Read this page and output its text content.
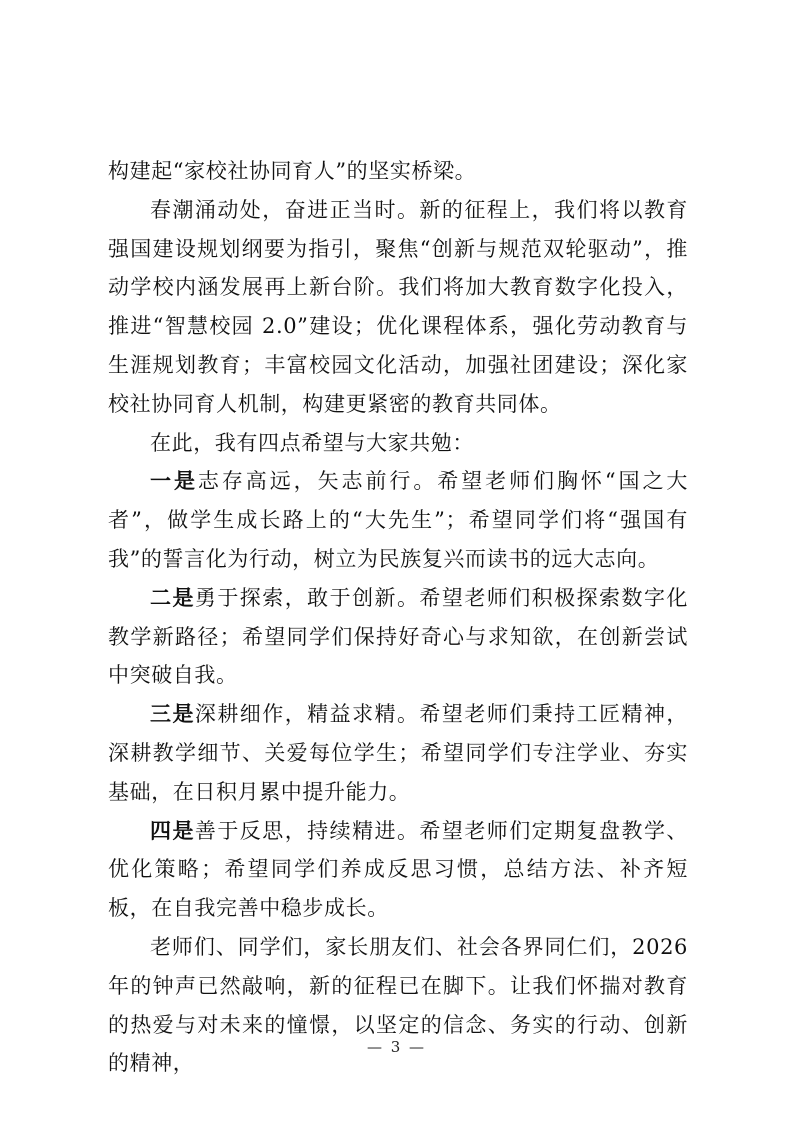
构建起“家校社协同育人”的坚实桥梁。

春潮涌动处，奋进正当时。新的征程上，我们将以教育强国建设规划纲要为指引，聚焦“创新与规范双轮驱动”，推动学校内涵发展再上新台阶。我们将加大教育数字化投入，推进“智慧校园 2.0”建设；优化课程体系，强化劳动教育与生涯规划教育；丰富校园文化活动，加强社团建设；深化家校社协同育人机制，构建更紧密的教育共同体。

在此，我有四点希望与大家共勉：

一是志存高远，矢志前行。希望老师们胸怀“国之大者”，做学生成长路上的“大先生”；希望同学们将“强国有我”的誓言化为行动，树立为民族复兴而读书的远大志向。

二是勇于探索，敢于创新。希望老师们积极探索数字化教学新路径；希望同学们保持好奇心与求知欲，在创新尝试中突破自我。

三是深耕细作，精益求精。希望老师们秉持工匠精神，深耕教学细节、关爱每位学生；希望同学们专注学业、夯实基础，在日积月累中提升能力。

四是善于反思，持续精进。希望老师们定期复盘教学、优化策略；希望同学们养成反思习惯，总结方法、补齐短板，在自我完善中稳步成长。

老师们、同学们，家长朋友们、社会各界同仁们，2026 年的钟声已然敲响，新的征程已在脚下。让我们怀揣对教育的热爱与对未来的憧憬，以坚定的信念、务实的行动、创新的精神，

— 3 —
